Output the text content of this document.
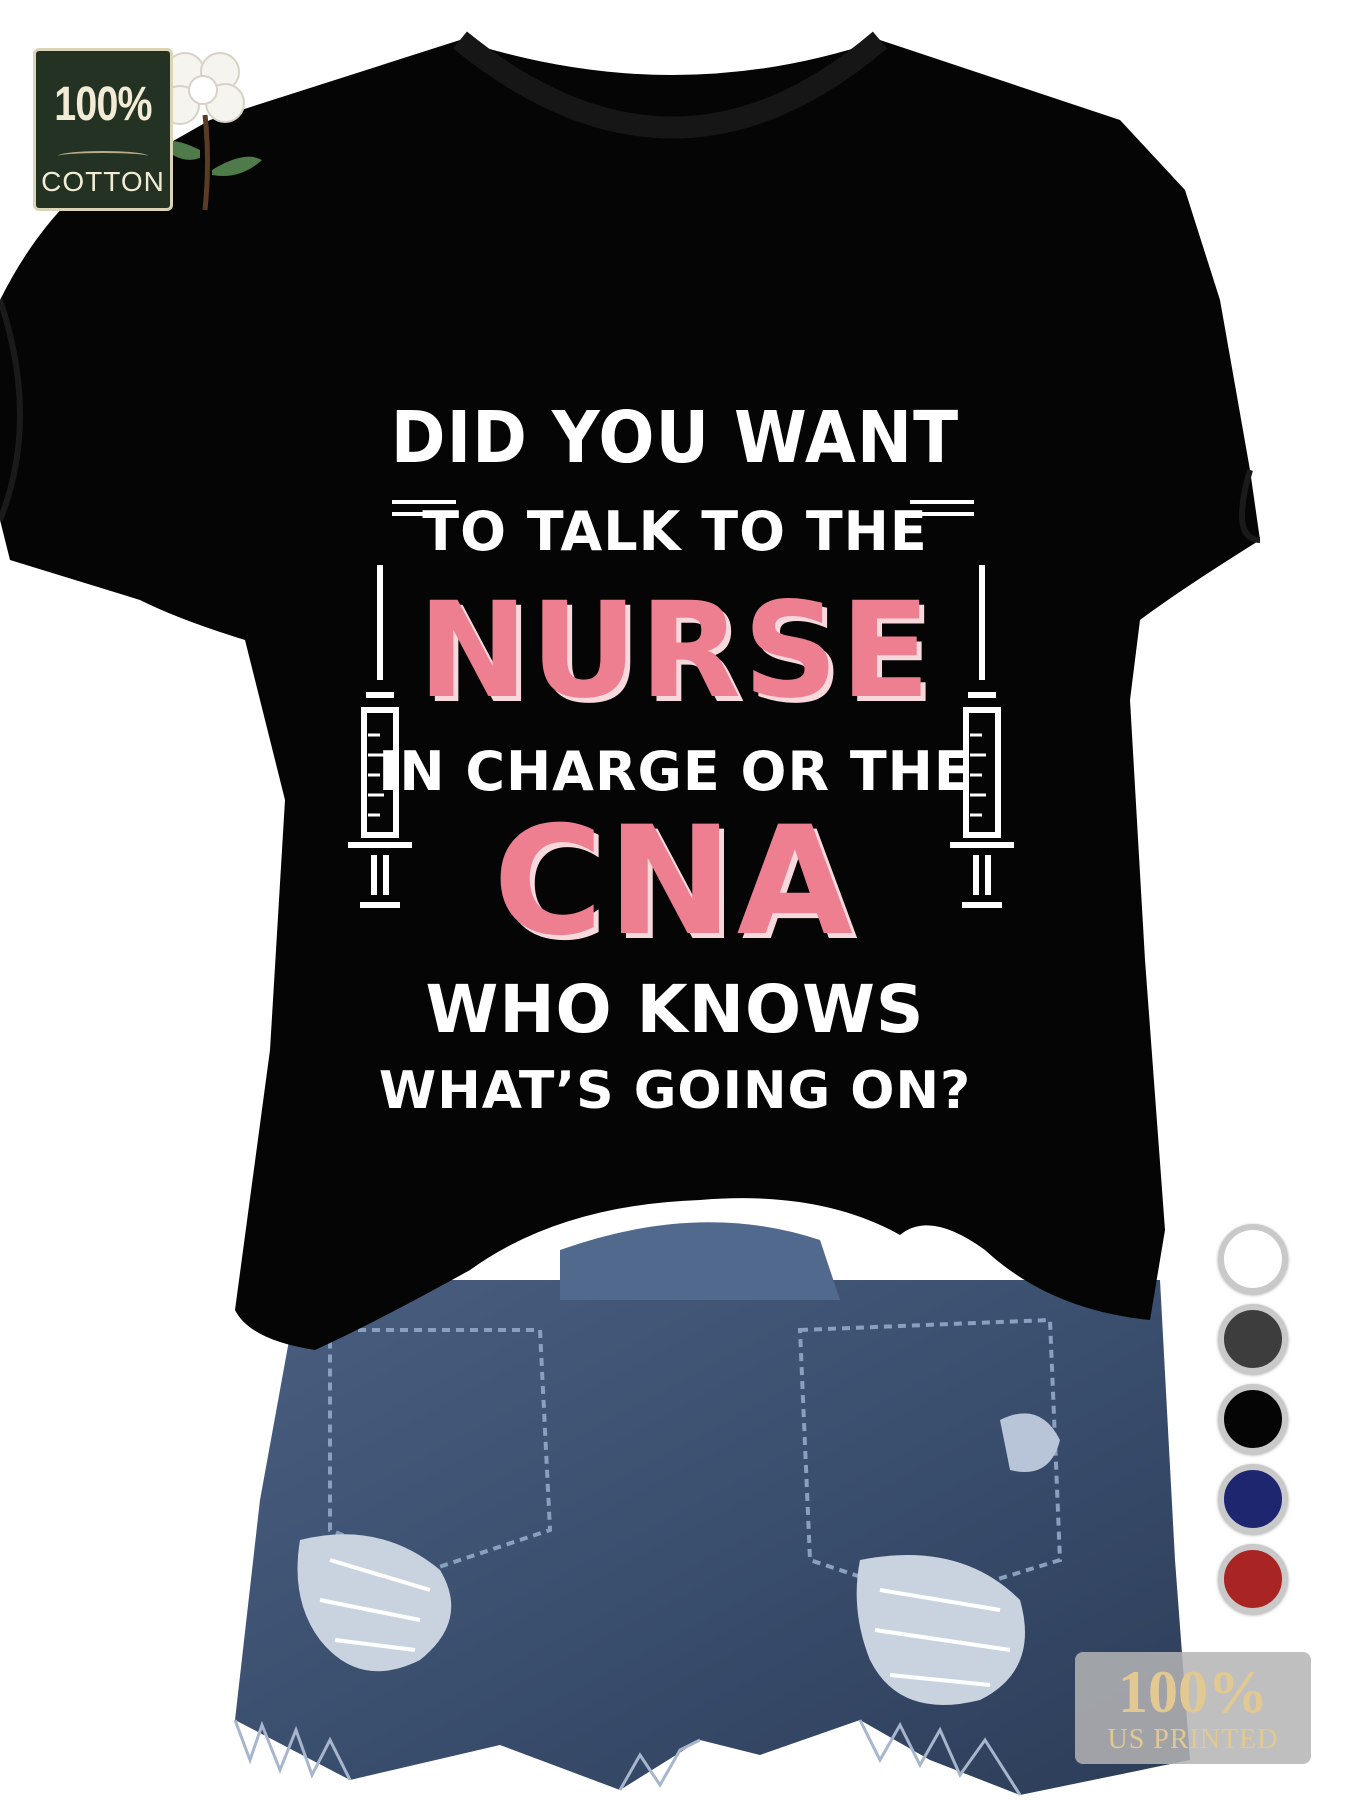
DID YOU WANT
TO TALK TO THE
NURSE
IN CHARGE OR THE
CNA
WHO KNOWS
WHAT’S GOING ON?
100%
COTTON
100%
US PRINTED
